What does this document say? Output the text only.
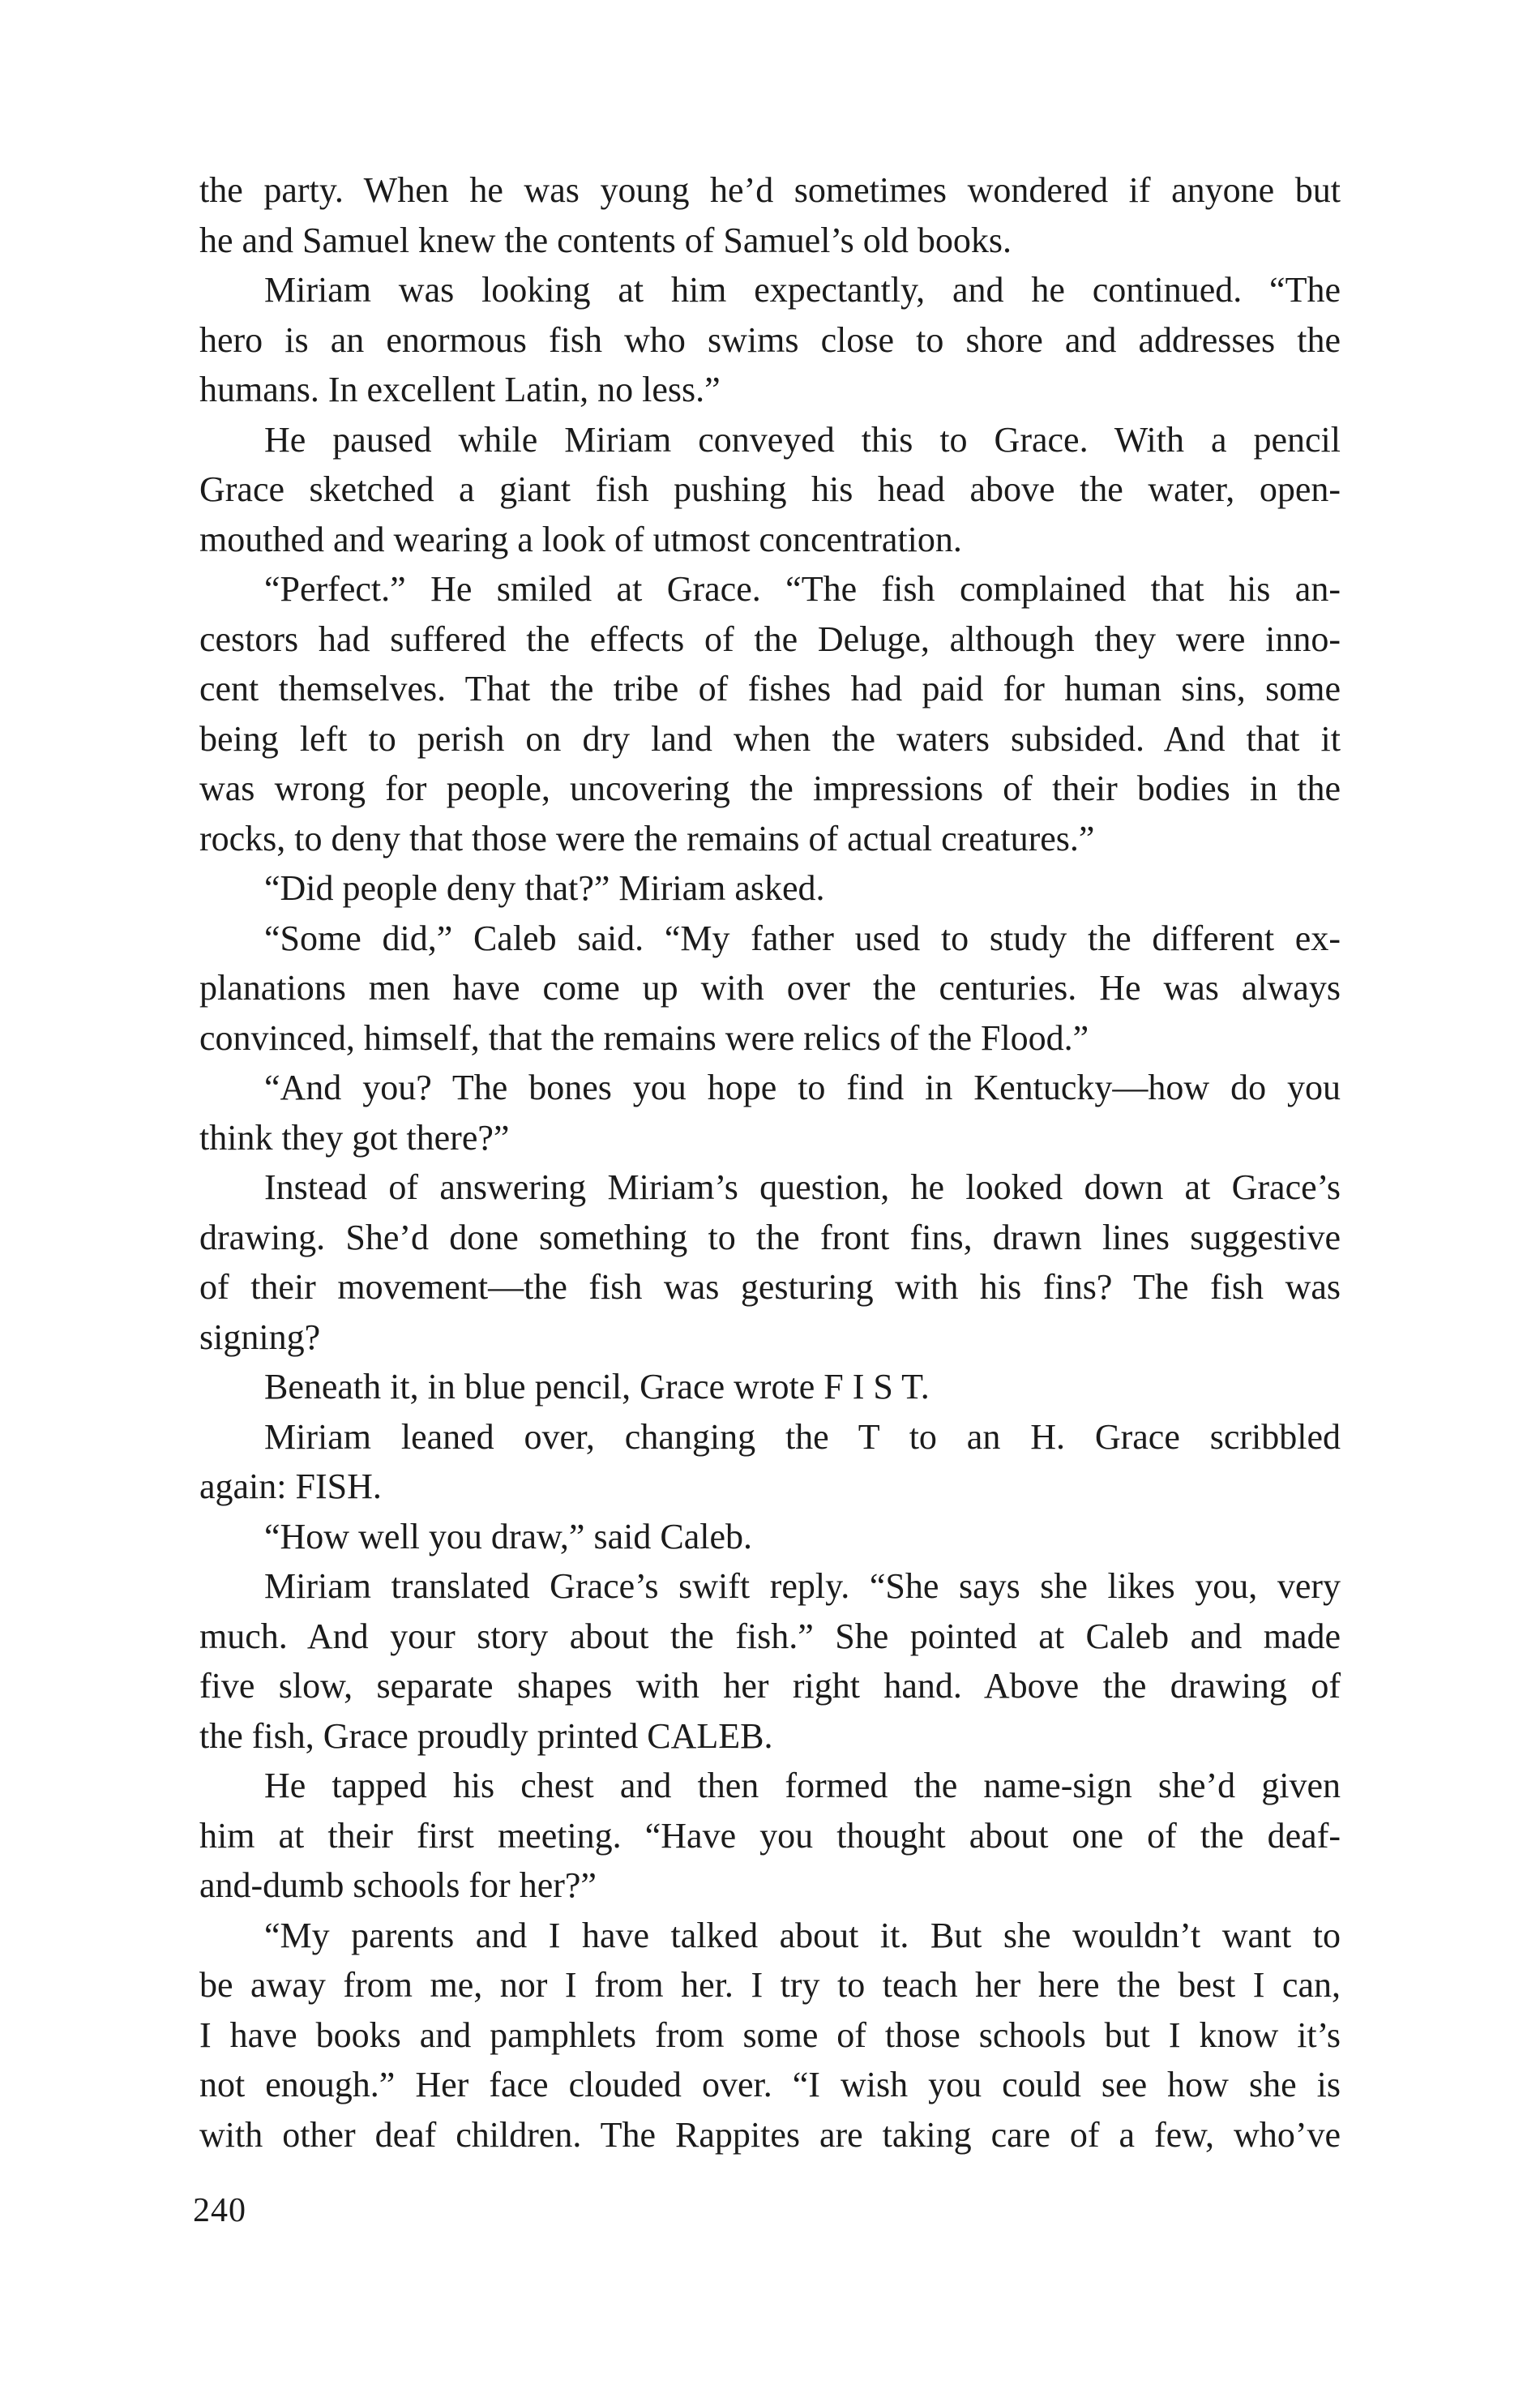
the party. When he was young he’d sometimes wondered if anyone but
he and Samuel knew the contents of Samuel’s old books.
Miriam was looking at him expectantly, and he continued. “The
hero is an enormous fish who swims close to shore and addresses the
humans. In excellent Latin, no less.”
He paused while Miriam conveyed this to Grace. With a pencil
Grace sketched a giant fish pushing his head above the water, open-
mouthed and wearing a look of utmost concentration.
“Perfect.” He smiled at Grace. “The fish complained that his an-
cestors had suffered the effects of the Deluge, although they were inno-
cent themselves. That the tribe of fishes had paid for human sins, some
being left to perish on dry land when the waters subsided. And that it
was wrong for people, uncovering the impressions of their bodies in the
rocks, to deny that those were the remains of actual creatures.”
“Did people deny that?” Miriam asked.
“Some did,” Caleb said. “My father used to study the different ex-
planations men have come up with over the centuries. He was always
convinced, himself, that the remains were relics of the Flood.”
“And you? The bones you hope to find in Kentucky—how do you
think they got there?”
Instead of answering Miriam’s question, he looked down at Grace’s
drawing. She’d done something to the front fins, drawn lines suggestive
of their movement—the fish was gesturing with his fins? The fish was
signing?
Beneath it, in blue pencil, Grace wrote F I S T.
Miriam leaned over, changing the T to an H. Grace scribbled
again: FISH.
“How well you draw,” said Caleb.
Miriam translated Grace’s swift reply. “She says she likes you, very
much. And your story about the fish.” She pointed at Caleb and made
five slow, separate shapes with her right hand. Above the drawing of
the fish, Grace proudly printed CALEB.
He tapped his chest and then formed the name-sign she’d given
him at their first meeting. “Have you thought about one of the deaf-
and-dumb schools for her?”
“My parents and I have talked about it. But she wouldn’t want to
be away from me, nor I from her. I try to teach her here the best I can,
I have books and pamphlets from some of those schools but I know it’s
not enough.” Her face clouded over. “I wish you could see how she is
with other deaf children. The Rappites are taking care of a few, who’ve
240
